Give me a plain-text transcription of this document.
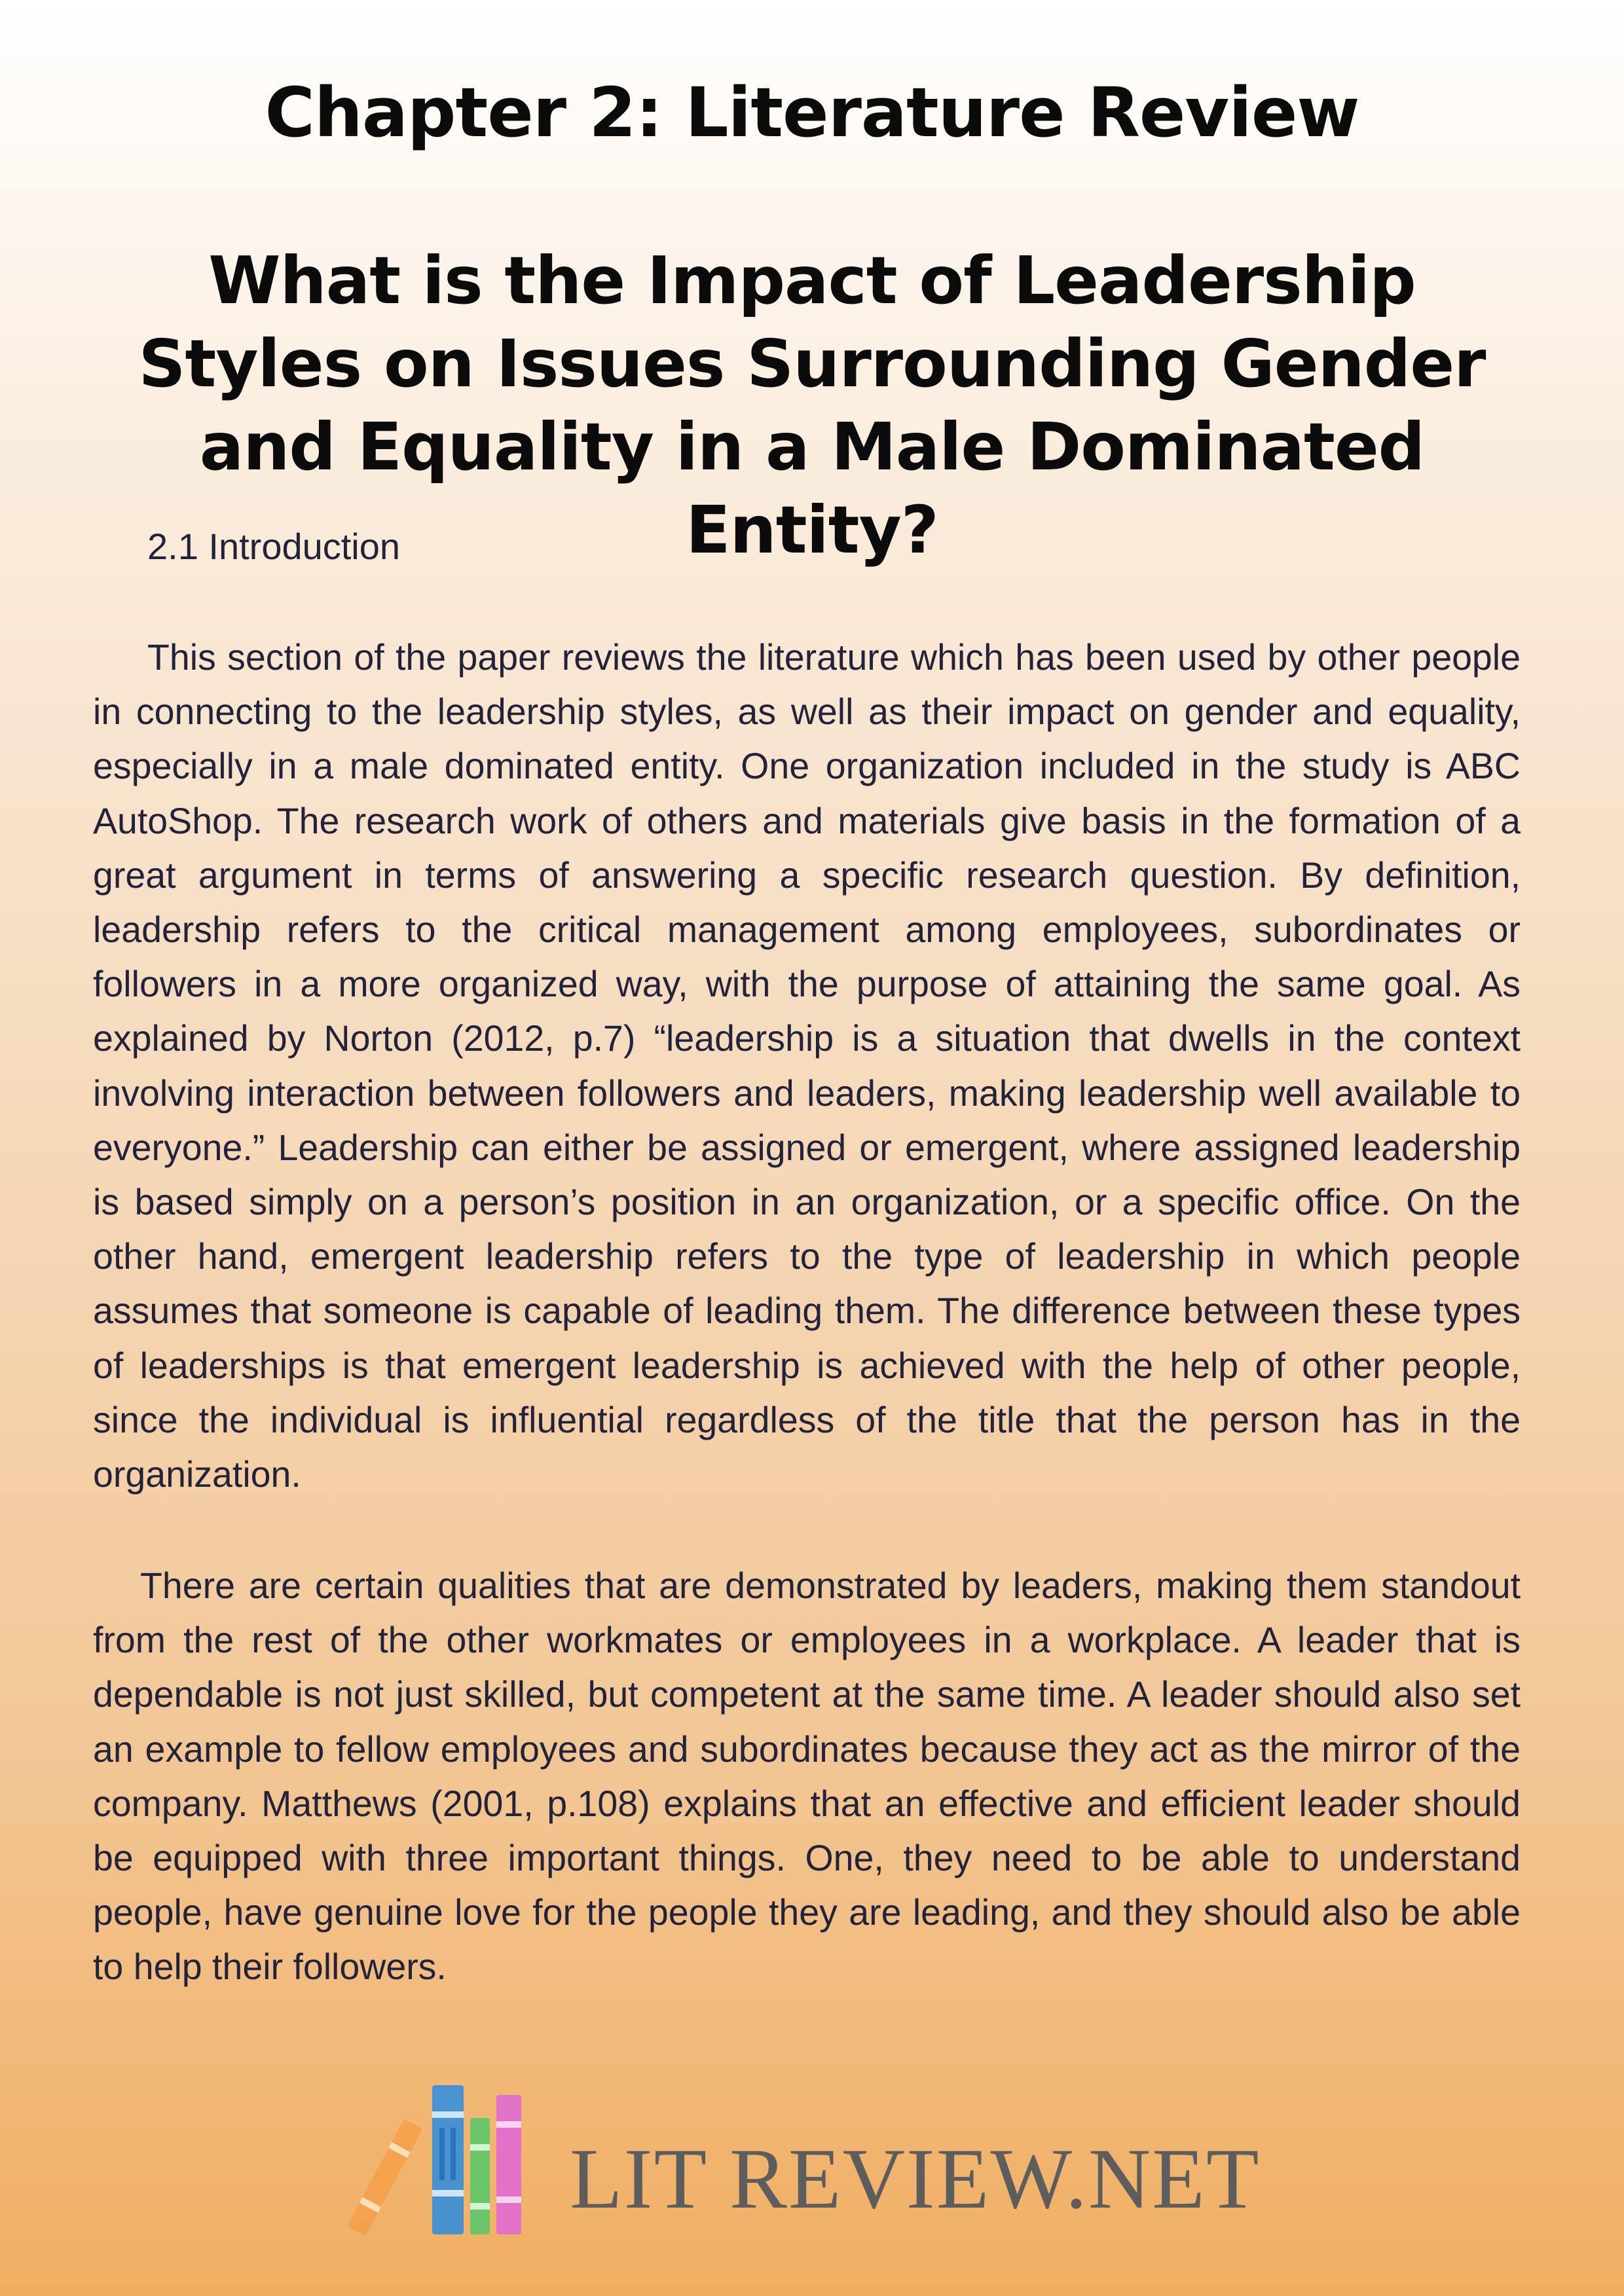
Chapter 2: Literature Review
What is the Impact of Leadership Styles on Issues Surrounding Gender and Equality in a Male Dominated Entity?
2.1 Introduction

This section of the paper reviews the literature which has been used by other people in connecting to the leadership styles, as well as their impact on gender and equality, especially in a male dominated entity. One organization included in the study is ABC AutoShop. The research work of others and materials give basis in the formation of a great argument in terms of answering a specific research question. By definition, leadership refers to the critical management among employees, subordinates or followers in a more organized way, with the purpose of attaining the same goal. As explained by Norton (2012, p.7) “leadership is a situation that dwells in the context involving interaction between followers and leaders, making leadership well available to everyone.” Leadership can either be assigned or emergent, where assigned leadership is based simply on a person’s position in an organization, or a specific office. On the other hand, emergent leadership refers to the type of leadership in which people assumes that someone is capable of leading them. The difference between these types of leaderships is that emergent leadership is achieved with the help of other people, since the individual is influential regardless of the title that the person has in the organization.

There are certain qualities that are demonstrated by leaders, making them standout from the rest of the other workmates or employees in a workplace. A leader that is dependable is not just skilled, but competent at the same time. A leader should also set an example to fellow employees and subordinates because they act as the mirror of the company. Matthews (2001, p.108) explains that an effective and efficient leader should be equipped with three important things. One, they need to be able to understand people, have genuine love for the people they are leading, and they should also be able to help their followers.

LIT REVIEW.NET
